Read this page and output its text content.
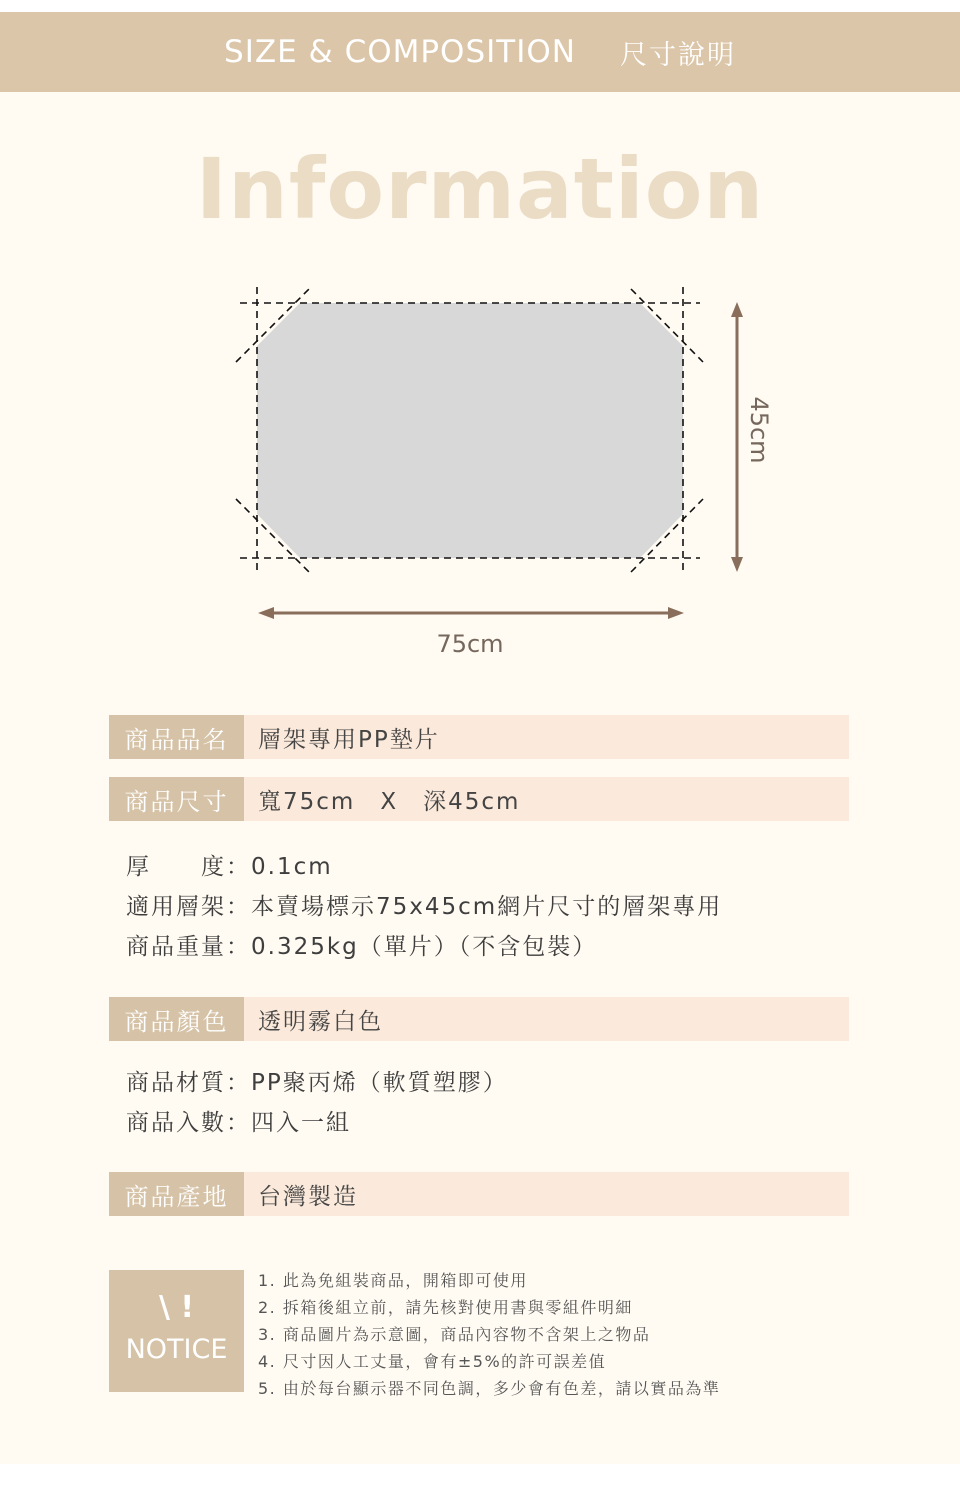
SIZE & COMPOSITION 尺寸說明
Information
45cm
75cm
商品品名	層架專用PP墊片
商品尺寸	寬75cm　X　深45cm
厚　　度：0.1cm
適用層架：本賣場標示75x45cm網片尺寸的層架專用
商品重量：0.325kg（單片）（不含包裝）
商品顏色	透明霧白色
商品材質：PP聚丙烯（軟質塑膠）
商品入數：四入一組
商品產地	台灣製造
\ !
NOTICE
1. 此為免組裝商品，開箱即可使用
2. 拆箱後組立前，請先核對使用書與零組件明細
3. 商品圖片為示意圖，商品內容物不含架上之物品
4. 尺寸因人工丈量，會有±5%的許可誤差值
5. 由於每台顯示器不同色調，多少會有色差，請以實品為準
